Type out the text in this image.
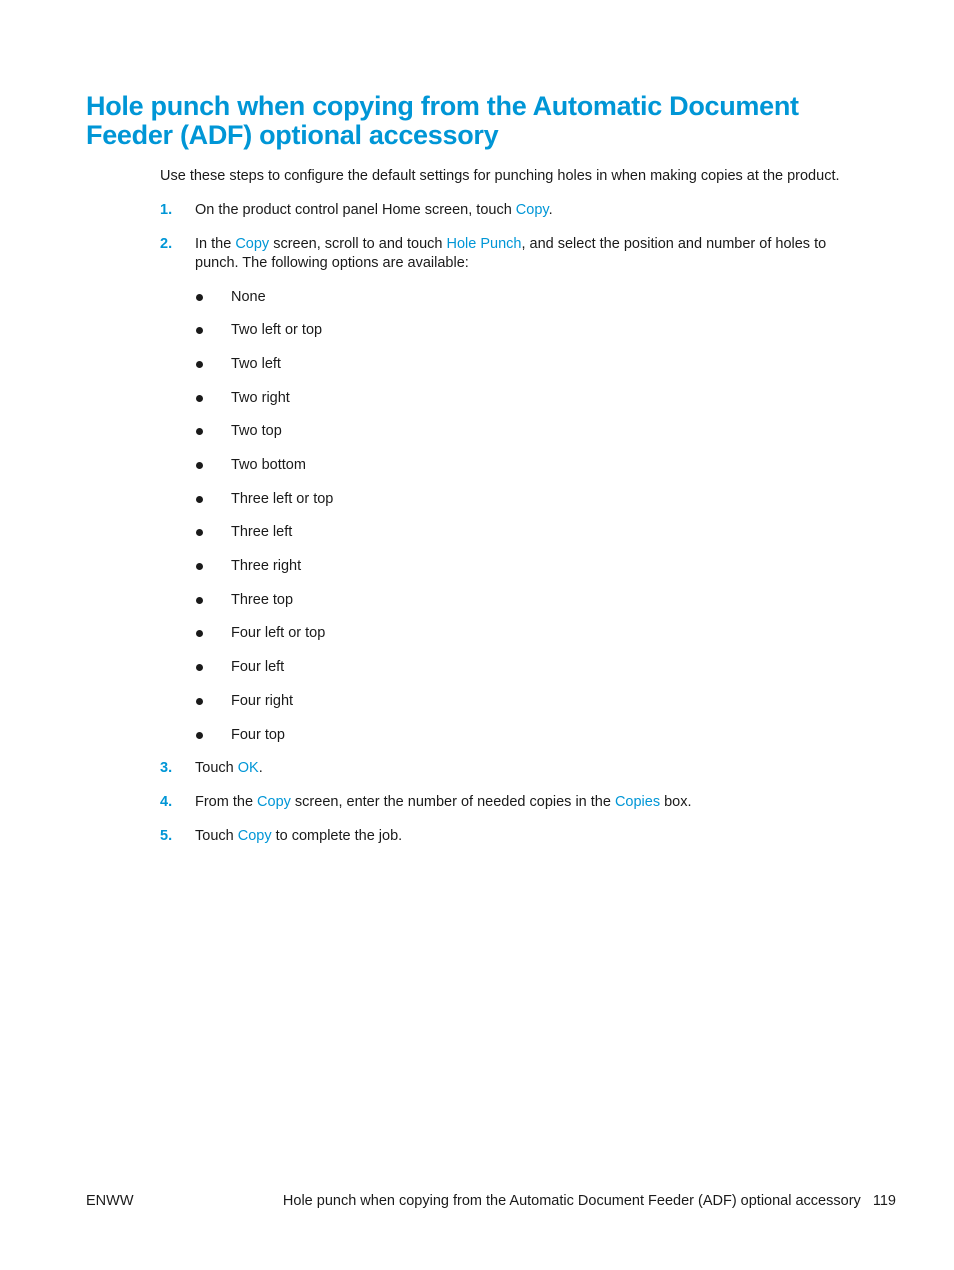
Hole punch when copying from the Automatic Document Feeder (ADF) optional accessory

Use these steps to configure the default settings for punching holes in when making copies at the product.

1. On the product control panel Home screen, touch Copy.
2. In the Copy screen, scroll to and touch Hole Punch, and select the position and number of holes to punch. The following options are available:
None
Two left or top
Two left
Two right
Two top
Two bottom
Three left or top
Three left
Three right
Three top
Four left or top
Four left
Four right
Four top
3. Touch OK.
4. From the Copy screen, enter the number of needed copies in the Copies box.
5. Touch Copy to complete the job.
ENWW	Hole punch when copying from the Automatic Document Feeder (ADF) optional accessory 119
